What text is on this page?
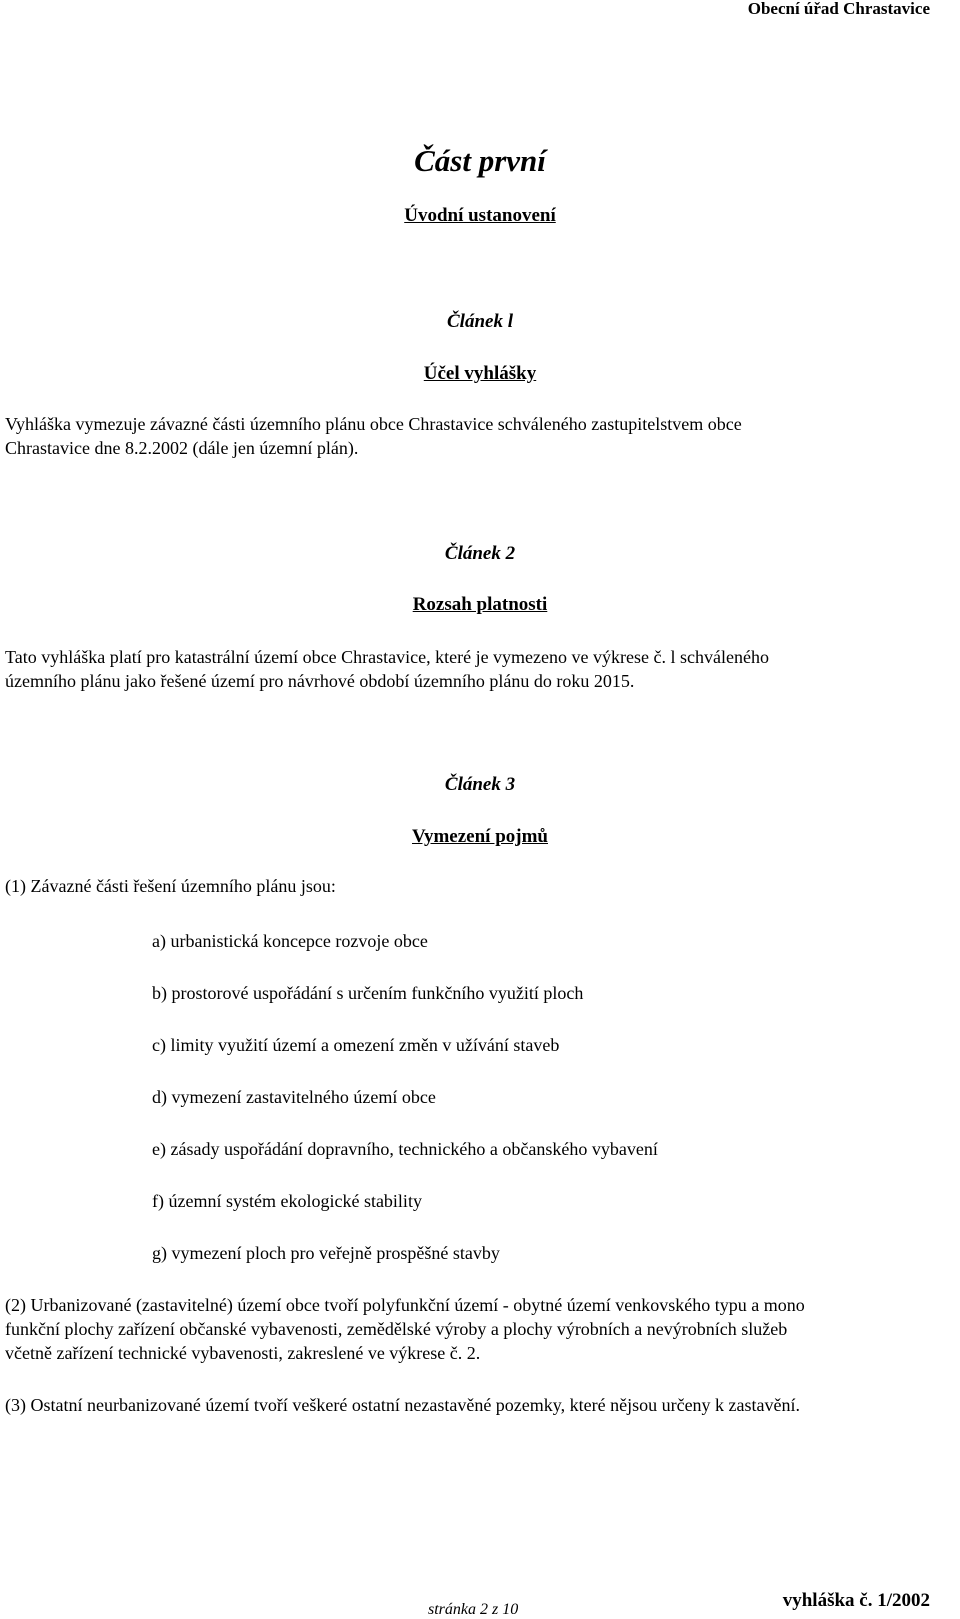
Obecní úřad Chrastavice
Část první
Úvodní ustanovení
Článek l
Účel vyhlášky
Vyhláška vymezuje závazné části územního plánu obce Chrastavice schváleného zastupitelstvem obce
Chrastavice dne 8.2.2002 (dále jen územní plán).
Článek 2
Rozsah platnosti
Tato vyhláška platí pro katastrální území obce Chrastavice, které je vymezeno ve výkrese č. l schváleného
územního plánu jako řešené území pro návrhové období územního plánu do roku 2015.
Článek 3
Vymezení pojmů
(1) Závazné části řešení územního plánu jsou:
a) urbanistická koncepce rozvoje obce
b) prostorové uspořádání s určením funkčního využití ploch
c) limity využití území a omezení změn v užívání staveb
d) vymezení zastavitelného území obce
e) zásady uspořádání dopravního, technického a občanského vybavení
f) územní systém ekologické stability
g) vymezení ploch pro veřejně prospěšné stavby
(2) Urbanizované (zastavitelné) území obce tvoří polyfunkční území - obytné území venkovského typu a mono
funkční plochy zařízení občanské vybavenosti, zemědělské výroby a plochy výrobních a nevýrobních služeb
včetně zařízení technické vybavenosti, zakreslené ve výkrese č. 2.
(3) Ostatní neurbanizované území tvoří veškeré ostatní nezastavěné pozemky, které nějsou určeny k zastavění.
vyhláška č. 1/2002
stránka 2 z 10
